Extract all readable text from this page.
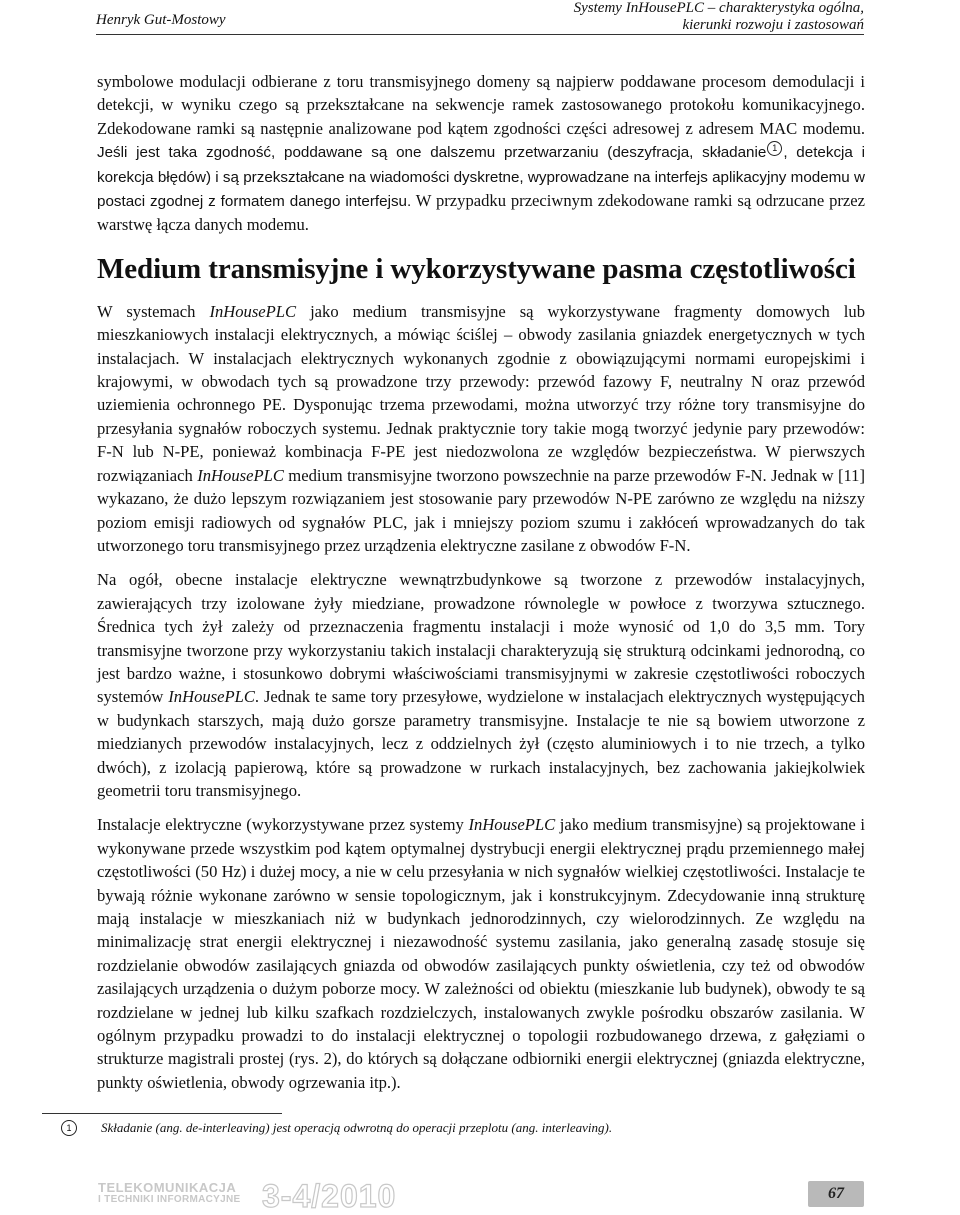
Henryk Gut-Mostowy
Systemy InHousePLC – charakterystyka ogólna,
kierunki rozwoju i zastosowań

symbolowe modulacji odbierane z toru transmisyjnego domeny są najpierw poddawane procesom demodulacji i detekcji, w wyniku czego są przekształcane na sekwencje ramek zastosowanego protokołu komunikacyjnego. Zdekodowane ramki są następnie analizowane pod kątem zgodności części adresowej z adresem MAC modemu. Jeśli jest taka zgodność, poddawane są one dalszemu przetwarzaniu (deszyfracja, składanie 1 , detekcja i korekcja błędów) i są przekształcane na wiadomości dyskretne, wyprowadzane na interfejs aplikacyjny modemu w postaci zgodnej z formatem danego interfejsu. W przypadku przeciwnym zdekodowane ramki są odrzucane przez warstwę łącza danych modemu.

Medium transmisyjne i wykorzystywane pasma częstotliwości

W systemach InHousePLC jako medium transmisyjne są wykorzystywane fragmenty domowych lub mieszkaniowych instalacji elektrycznych, a mówiąc ściślej – obwody zasilania gniazdek energetycznych w tych instalacjach. W instalacjach elektrycznych wykonanych zgodnie z obowiązującymi normami europejskimi i krajowymi, w obwodach tych są prowadzone trzy przewody: przewód fazowy F, neutralny N oraz przewód uziemienia ochronnego PE. Dysponując trzema przewodami, można utworzyć trzy różne tory transmisyjne do przesyłania sygnałów roboczych systemu. Jednak praktycznie tory takie mogą tworzyć jedynie pary przewodów: F-N lub N-PE, ponieważ kombinacja F-PE jest niedozwolona ze względów bezpieczeństwa. W pierwszych rozwiązaniach InHousePLC medium transmisyjne tworzono powszechnie na parze przewodów F-N. Jednak w [11] wykazano, że dużo lepszym rozwiązaniem jest stosowanie pary przewodów N-PE zarówno ze względu na niższy poziom emisji radiowych od sygnałów PLC, jak i mniejszy poziom szumu i zakłóceń wprowadzanych do tak utworzonego toru transmisyjnego przez urządzenia elektryczne zasilane z obwodów F-N.

Na ogół, obecne instalacje elektryczne wewnątrzbudynkowe są tworzone z przewodów instalacyjnych, zawierających trzy izolowane żyły miedziane, prowadzone równolegle w powłoce z tworzywa sztucznego. Średnica tych żył zależy od przeznaczenia fragmentu instalacji i może wynosić od 1,0 do 3,5 mm. Tory transmisyjne tworzone przy wykorzystaniu takich instalacji charakteryzują się strukturą odcinkami jednorodną, co jest bardzo ważne, i stosunkowo dobrymi właściwościami transmisyjnymi w zakresie częstotliwości roboczych systemów InHousePLC. Jednak te same tory przesyłowe, wydzielone w instalacjach elektrycznych występujących w budynkach starszych, mają dużo gorsze parametry transmisyjne. Instalacje te nie są bowiem utworzone z miedzianych przewodów instalacyjnych, lecz z oddzielnych żył (często aluminiowych i to nie trzech, a tylko dwóch), z izolacją papierową, które są prowadzone w rurkach instalacyjnych, bez zachowania jakiejkolwiek geometrii toru transmisyjnego.

Instalacje elektryczne (wykorzystywane przez systemy InHousePLC jako medium transmisyjne) są projektowane i wykonywane przede wszystkim pod kątem optymalnej dystrybucji energii elektrycznej prądu przemiennego małej częstotliwości (50 Hz) i dużej mocy, a nie w celu przesyłania w nich sygnałów wielkiej częstotliwości. Instalacje te bywają różnie wykonane zarówno w sensie topologicznym, jak i konstrukcyjnym. Zdecydowanie inną strukturę mają instalacje w mieszkaniach niż w budynkach jednorodzinnych, czy wielorodzinnych. Ze względu na minimalizację strat energii elektrycznej i niezawodność systemu zasilania, jako generalną zasadę stosuje się rozdzielanie obwodów zasilających gniazda od obwodów zasilających punkty oświetlenia, czy też od obwodów zasilających urządzenia o dużym poborze mocy. W zależności od obiektu (mieszkanie lub budynek), obwody te są rozdzielane w jednej lub kilku szafkach rozdzielczych, instalowanych zwykle pośrodku obszarów zasilania. W ogólnym przypadku prowadzi to do instalacji elektrycznej o topologii rozbudowanego drzewa, z gałęziami o strukturze magistrali prostej (rys. 2), do których są dołączane odbiorniki energii elektrycznej (gniazda elektryczne, punkty oświetlenia, obwody ogrzewania itp.).

1 Składanie (ang. de-interleaving) jest operacją odwrotną do operacji przeplotu (ang. interleaving).
TELEKOMUNIKACJA
I TECHNIKI INFORMACYJNE 3-4/2010	67
